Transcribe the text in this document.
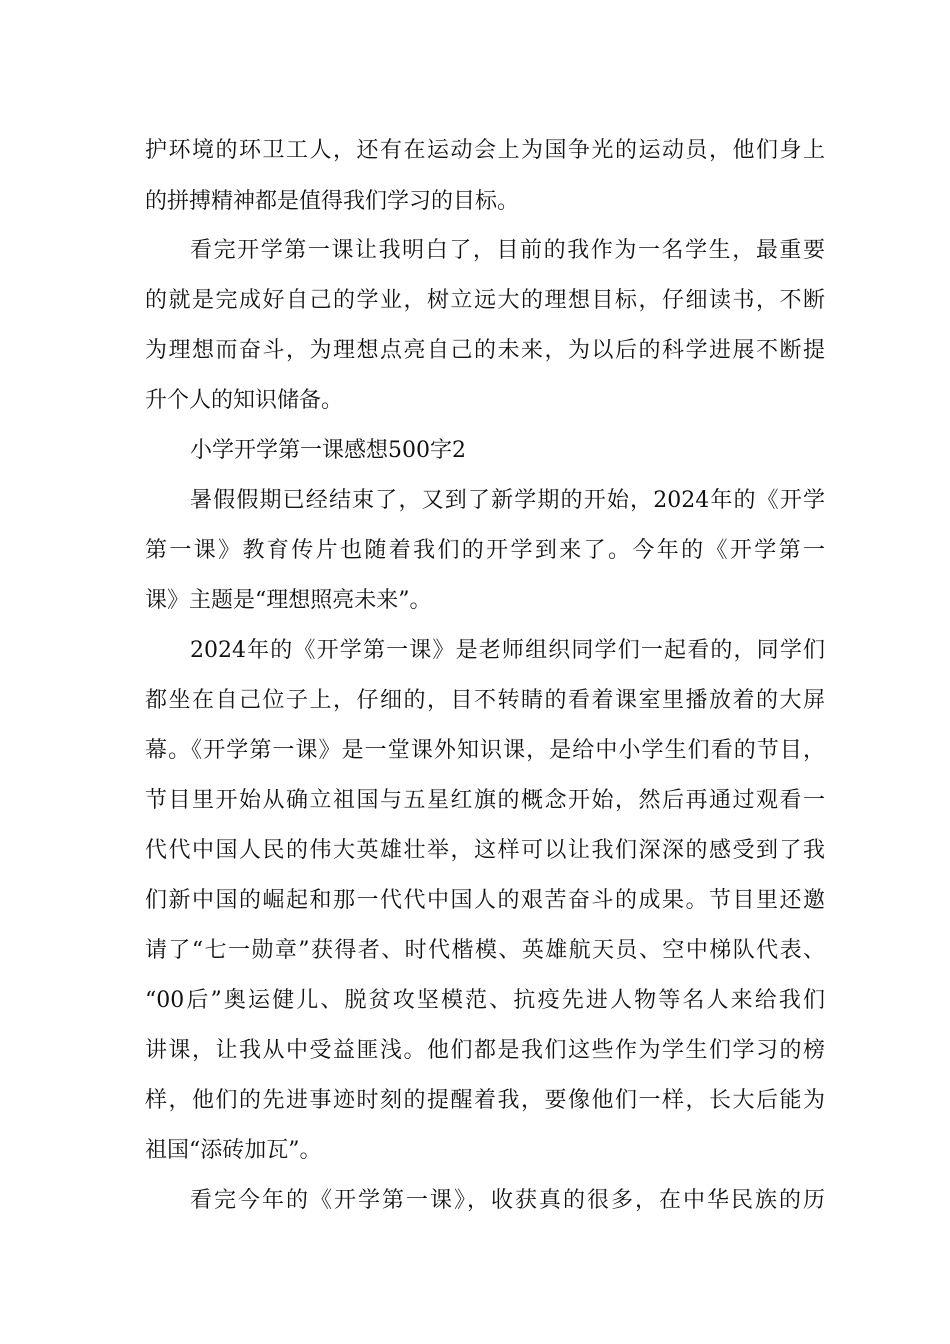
护环境的环卫工人，还有在运动会上为国争光的运动员，他们身上
的拼搏精神都是值得我们学习的目标。
看完开学第一课让我明白了，目前的我作为一名学生，最重要
的就是完成好自己的学业，树立远大的理想目标，仔细读书，不断
为理想而奋斗，为理想点亮自己的未来，为以后的科学进展不断提
升个人的知识储备。
小学开学第一课感想500字2
暑假假期已经结束了，又到了新学期的开始，2024年的《开学
第一课》教育传片也随着我们的开学到来了。今年的《开学第一
课》主题是“理想照亮未来”。
2024年的《开学第一课》是老师组织同学们一起看的，同学们
都坐在自己位子上，仔细的，目不转睛的看着课室里播放着的大屏
幕。《开学第一课》是一堂课外知识课，是给中小学生们看的节目，
节目里开始从确立祖国与五星红旗的概念开始，然后再通过观看一
代代中国人民的伟大英雄壮举，这样可以让我们深深的感受到了我
们新中国的崛起和那一代代中国人的艰苦奋斗的成果。节目里还邀
请了“七一勋章”获得者、时代楷模、英雄航天员、空中梯队代表、
“00后”奥运健儿、脱贫攻坚模范、抗疫先进人物等名人来给我们
讲课，让我从中受益匪浅。他们都是我们这些作为学生们学习的榜
样，他们的先进事迹时刻的提醒着我，要像他们一样，长大后能为
祖国“添砖加瓦”。
看完今年的《开学第一课》，收获真的很多，在中华民族的历
